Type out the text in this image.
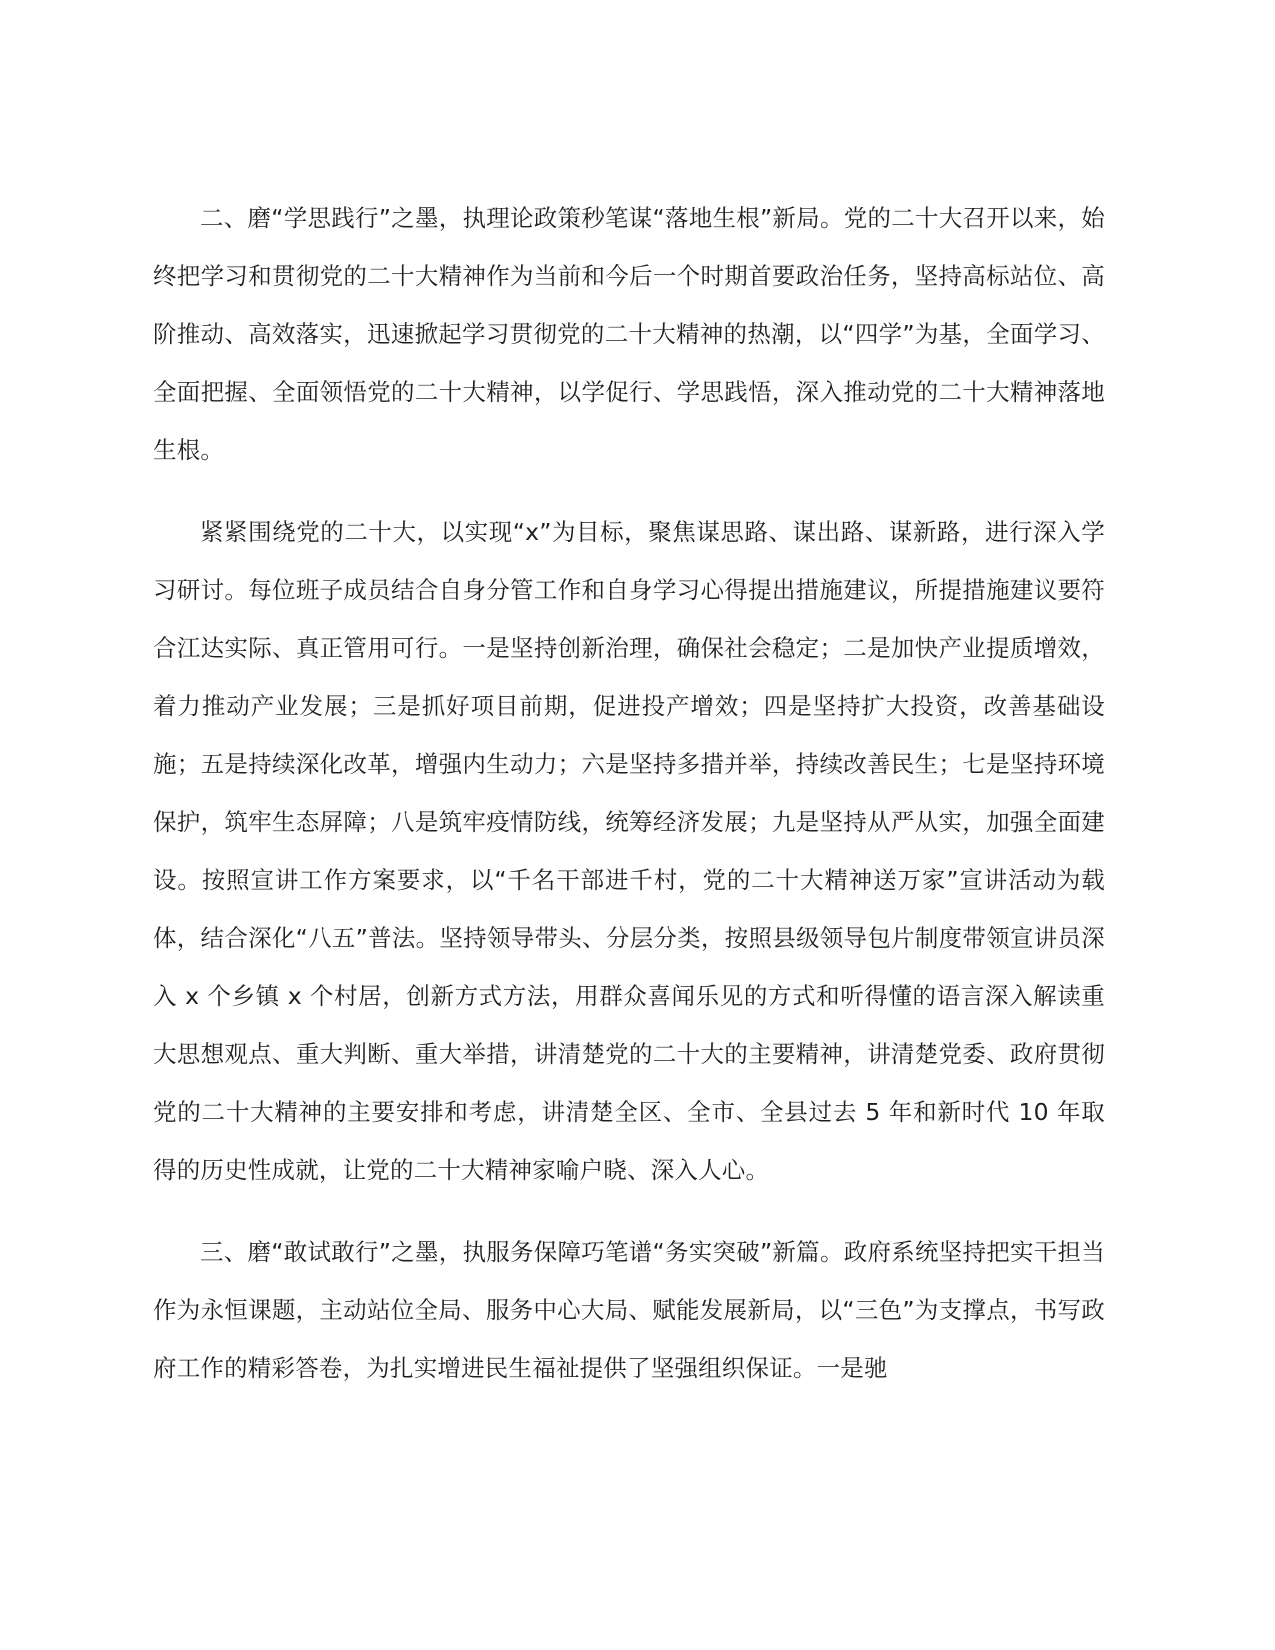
二、磨“学思践行”之墨，执理论政策秒笔谋“落地生根”新局。党的二十大召开以来，始终把学习和贯彻党的二十大精神作为当前和今后一个时期首要政治任务，坚持高标站位、高阶推动、高效落实，迅速掀起学习贯彻党的二十大精神的热潮，以“四学”为基，全面学习、全面把握、全面领悟党的二十大精神，以学促行、学思践悟，深入推动党的二十大精神落地生根。

紧紧围绕党的二十大，以实现“x”为目标，聚焦谋思路、谋出路、谋新路，进行深入学习研讨。每位班子成员结合自身分管工作和自身学习心得提出措施建议，所提措施建议要符合江达实际、真正管用可行。一是坚持创新治理，确保社会稳定；二是加快产业提质增效，着力推动产业发展；三是抓好项目前期，促进投产增效；四是坚持扩大投资，改善基础设施；五是持续深化改革，增强内生动力；六是坚持多措并举，持续改善民生；七是坚持环境保护，筑牢生态屏障；八是筑牢疫情防线，统筹经济发展；九是坚持从严从实，加强全面建设。按照宣讲工作方案要求，以“千名干部进千村，党的二十大精神送万家”宣讲活动为载体，结合深化“八五”普法。坚持领导带头、分层分类，按照县级领导包片制度带领宣讲员深入 x 个乡镇 x 个村居，创新方式方法，用群众喜闻乐见的方式和听得懂的语言深入解读重大思想观点、重大判断、重大举措，讲清楚党的二十大的主要精神，讲清楚党委、政府贯彻党的二十大精神的主要安排和考虑，讲清楚全区、全市、全县过去 5 年和新时代 10 年取得的历史性成就，让党的二十大精神家喻户晓、深入人心。

三、磨“敢试敢行”之墨，执服务保障巧笔谱“务实突破”新篇。政府系统坚持把实干担当作为永恒课题，主动站位全局、服务中心大局、赋能发展新局，以“三色”为支撑点，书写政府工作的精彩答卷，为扎实增进民生福祉提供了坚强组织保证。一是驰
